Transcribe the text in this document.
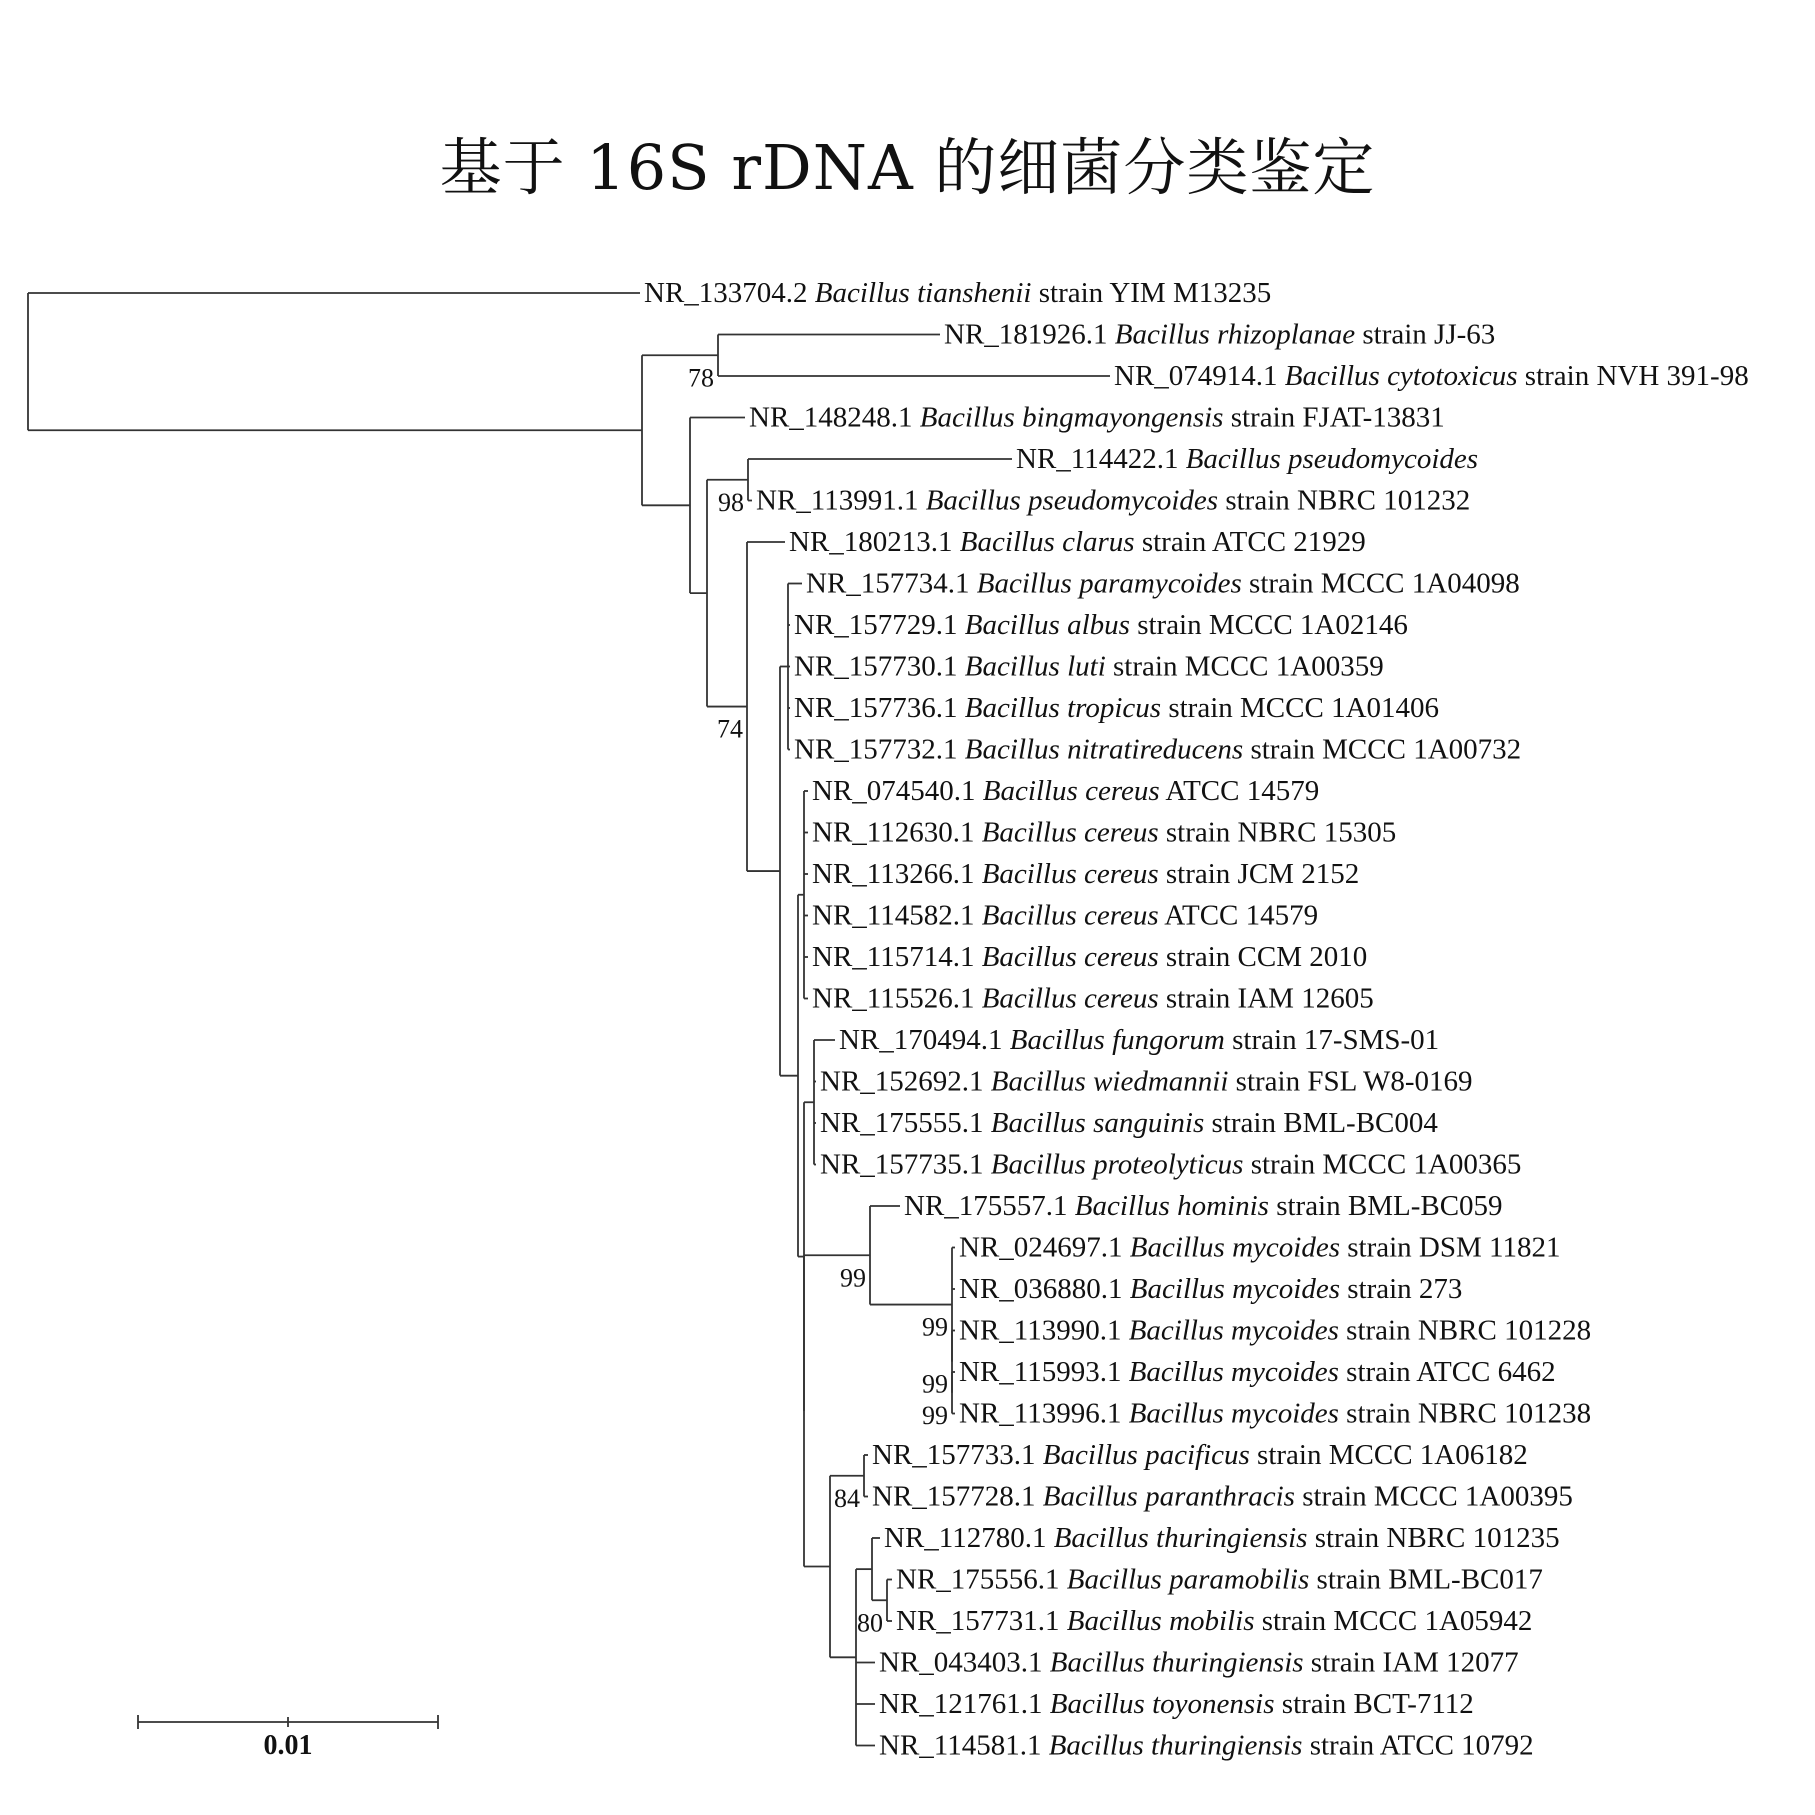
基于 16S rDNA 的细菌分类鉴定
NR_133704.2 Bacillus tianshenii strain YIM M13235
NR_181926.1 Bacillus rhizoplanae strain JJ-63
NR_074914.1 Bacillus cytotoxicus strain NVH 391-98
NR_148248.1 Bacillus bingmayongensis strain FJAT-13831
NR_114422.1 Bacillus pseudomycoides
NR_113991.1 Bacillus pseudomycoides strain NBRC 101232
NR_180213.1 Bacillus clarus strain ATCC 21929
NR_157734.1 Bacillus paramycoides strain MCCC 1A04098
NR_157729.1 Bacillus albus strain MCCC 1A02146
NR_157730.1 Bacillus luti strain MCCC 1A00359
NR_157736.1 Bacillus tropicus strain MCCC 1A01406
NR_157732.1 Bacillus nitratireducens strain MCCC 1A00732
NR_074540.1 Bacillus cereus ATCC 14579
NR_112630.1 Bacillus cereus strain NBRC 15305
NR_113266.1 Bacillus cereus strain JCM 2152
NR_114582.1 Bacillus cereus ATCC 14579
NR_115714.1 Bacillus cereus strain CCM 2010
NR_115526.1 Bacillus cereus strain IAM 12605
NR_170494.1 Bacillus fungorum strain 17-SMS-01
NR_152692.1 Bacillus wiedmannii strain FSL W8-0169
NR_175555.1 Bacillus sanguinis strain BML-BC004
NR_157735.1 Bacillus proteolyticus strain MCCC 1A00365
NR_175557.1 Bacillus hominis strain BML-BC059
NR_024697.1 Bacillus mycoides strain DSM 11821
NR_036880.1 Bacillus mycoides strain 273
NR_113990.1 Bacillus mycoides strain NBRC 101228
NR_115993.1 Bacillus mycoides strain ATCC 6462
NR_113996.1 Bacillus mycoides strain NBRC 101238
NR_157733.1 Bacillus pacificus strain MCCC 1A06182
NR_157728.1 Bacillus paranthracis strain MCCC 1A00395
NR_112780.1 Bacillus thuringiensis strain NBRC 101235
NR_175556.1 Bacillus paramobilis strain BML-BC017
NR_157731.1 Bacillus mobilis strain MCCC 1A05942
NR_043403.1 Bacillus thuringiensis strain IAM 12077
NR_121761.1 Bacillus toyonensis strain BCT-7112
NR_114581.1 Bacillus thuringiensis strain ATCC 10792
78
98
99
99
99
99
84
80
74
0.01
